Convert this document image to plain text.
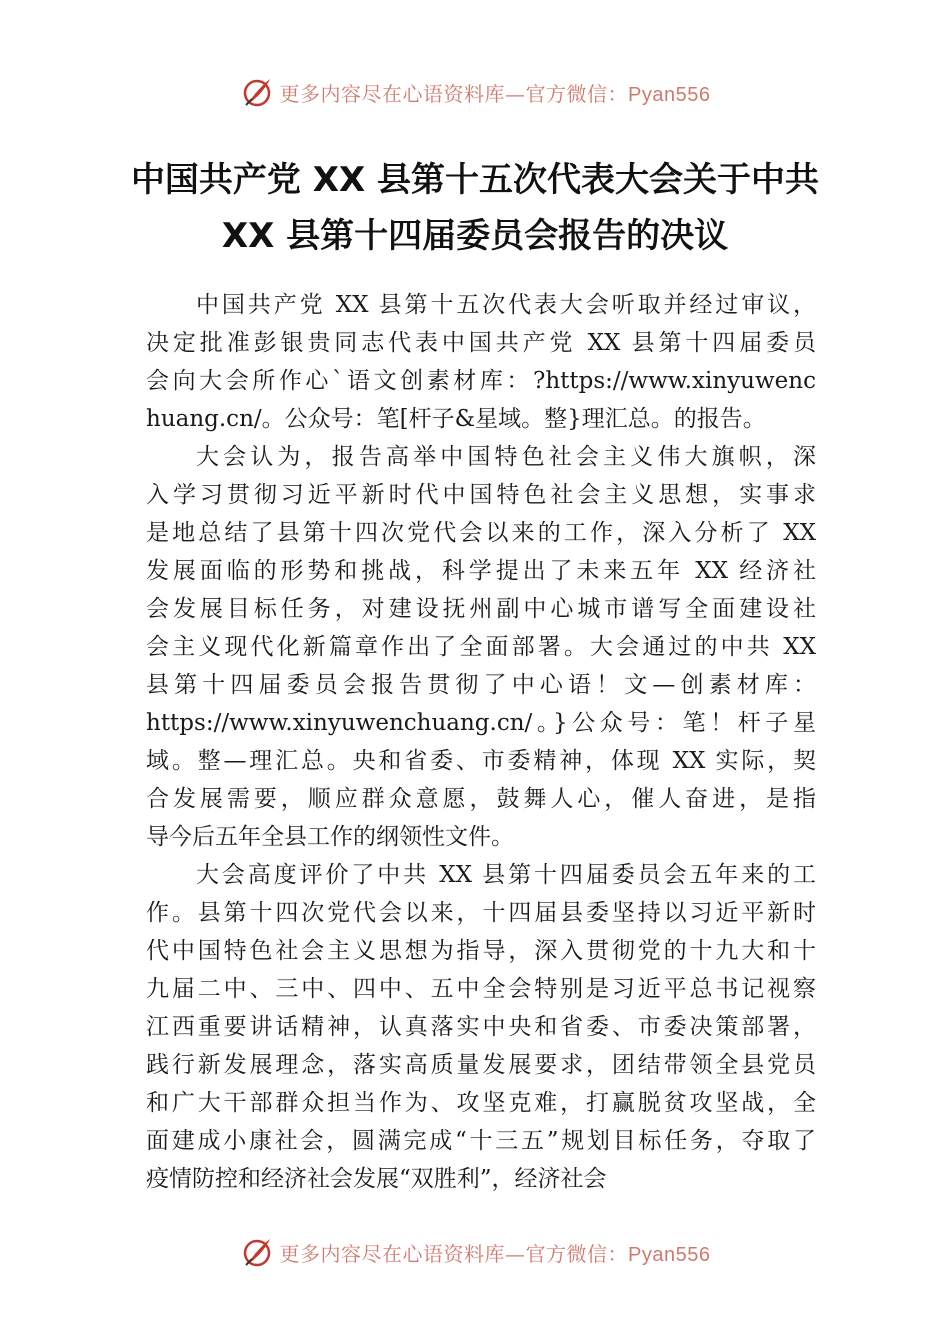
更多内容尽在心语资料库—官方微信：Pyan556
中国共产党 XX 县第十五次代表大会关于中共
XX 县第十四届委员会报告的决议

中国共产党 XX 县第十五次代表大会听取并经过审议，
决定批准彭银贵同志代表中国共产党 XX 县第十四届委员
会向大会所作心`语文创素材库：?https://www.xinyuwenc
huang.cn/。公众号：笔[杆子&星域。整}理汇总。的报告。

大会认为，报告高举中国特色社会主义伟大旗帜，深
入学习贯彻习近平新时代中国特色社会主义思想，实事求
是地总结了县第十四次党代会以来的工作，深入分析了 XX
发展面临的形势和挑战，科学提出了未来五年 XX 经济社
会发展目标任务，对建设抚州副中心城市谱写全面建设社
会主义现代化新篇章作出了全面部署。大会通过的中共 XX
县第十四届委员会报告贯彻了中心语！文—创素材库：
https://www.xinyuwenchuang.cn/。}公众号：笔！杆子星
域。整—理汇总。央和省委、市委精神，体现 XX 实际，契
合发展需要，顺应群众意愿，鼓舞人心，催人奋进，是指
导今后五年全县工作的纲领性文件。

大会高度评价了中共 XX 县第十四届委员会五年来的工
作。县第十四次党代会以来，十四届县委坚持以习近平新时
代中国特色社会主义思想为指导，深入贯彻党的十九大和十
九届二中、三中、四中、五中全会特别是习近平总书记视察
江西重要讲话精神，认真落实中央和省委、市委决策部署，
践行新发展理念，落实高质量发展要求，团结带领全县党员
和广大干部群众担当作为、攻坚克难，打赢脱贫攻坚战，全
面建成小康社会，圆满完成“十三五”规划目标任务，夺取了
疫情防控和经济社会发展“双胜利”，经济社会

更多内容尽在心语资料库—官方微信：Pyan556
